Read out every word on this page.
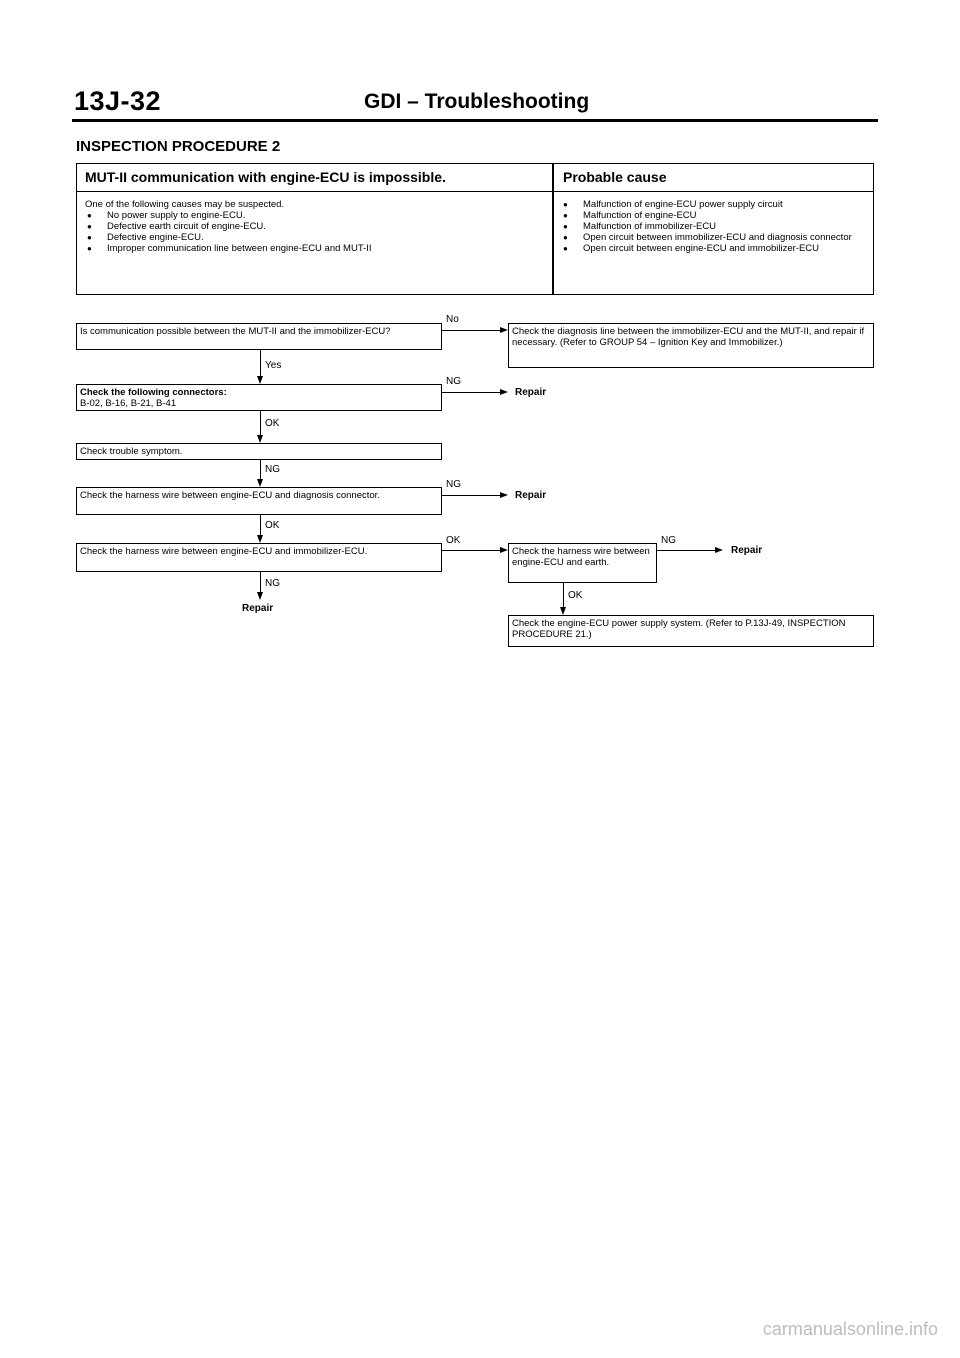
13J-32	GDI – Troubleshooting
INSPECTION PROCEDURE 2
MUT-II communication with engine-ECU is impossible.	Probable cause
One of the following causes may be suspected.
● No power supply to engine-ECU.
● Defective earth circuit of engine-ECU.
● Defective engine-ECU.
● Improper communication line between engine-ECU and MUT-II
● Malfunction of engine-ECU power supply circuit
● Malfunction of engine-ECU
● Malfunction of immobilizer-ECU
● Open circuit between immobilizer-ECU and diagnosis connector
● Open circuit between engine-ECU and immobilizer-ECU
Is communication possible between the MUT-II and the immobilizer-ECU?
No
Check the diagnosis line between the immobilizer-ECU and the MUT-II, and repair if necessary. (Refer to GROUP 54 – Ignition Key and Immobilizer.)
Yes
Check the following connectors:
B-02, B-16, B-21, B-41
NG
Repair
OK
Check trouble symptom.
NG
Check the harness wire between engine-ECU and diagnosis connector.
NG
Repair
OK
Check the harness wire between engine-ECU and immobilizer-ECU.
OK
NG
Repair
Check the harness wire between engine-ECU and earth.
NG
Repair
OK
Check the engine-ECU power supply system. (Refer to P.13J-49, INSPECTION PROCEDURE 21.)
carmanualsonline.info
